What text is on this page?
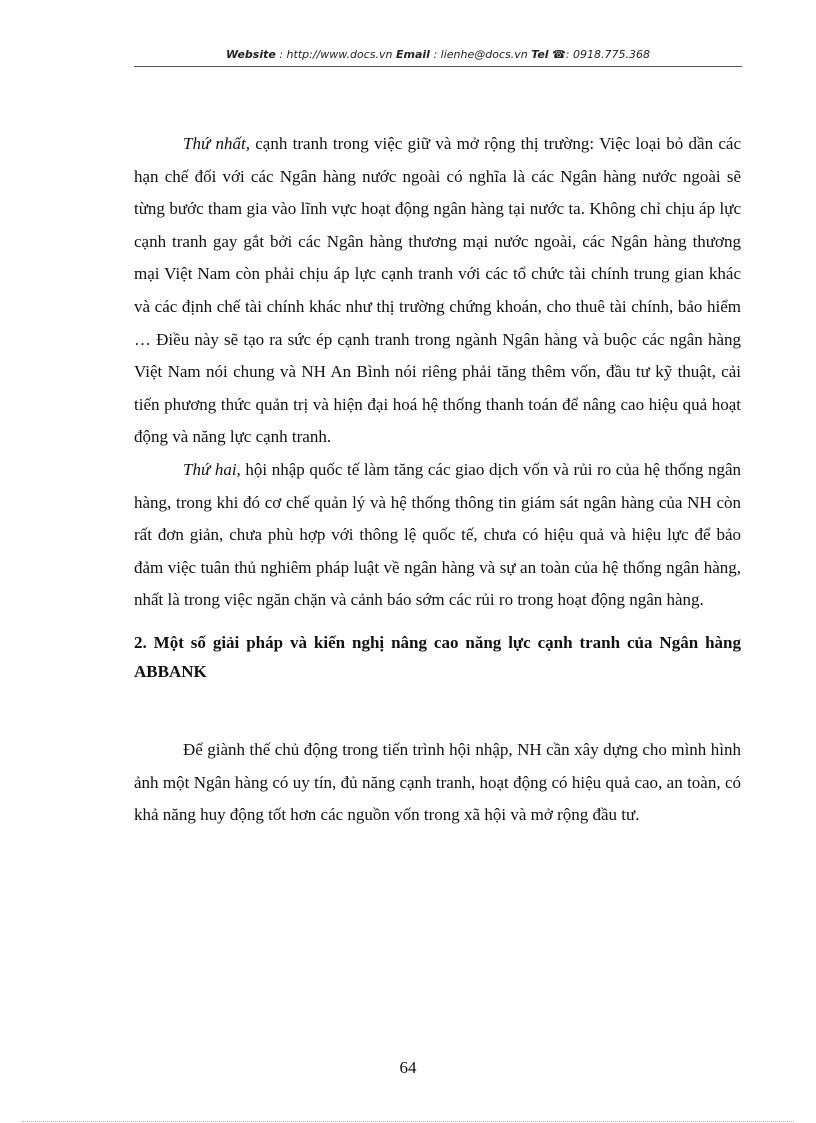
Website : http://www.docs.vn Email : lienhe@docs.vn Tel ☎: 0918.775.368

Thứ nhất, cạnh tranh trong việc giữ và mở rộng thị trường: Việc loại bỏ dần các hạn chế đối với các Ngân hàng nước ngoài có nghĩa là các Ngân hàng nước ngoài sẽ từng bước tham gia vào lĩnh vực hoạt động ngân hàng tại nước ta. Không chỉ chịu áp lực cạnh tranh gay gắt bởi các Ngân hàng thương mại nước ngoài, các Ngân hàng thương mại Việt Nam còn phải chịu áp lực cạnh tranh với các tổ chức tài chính trung gian khác và các định chế tài chính khác như thị trường chứng khoán, cho thuê tài chính, bảo hiểm … Điều này sẽ tạo ra sức ép cạnh tranh trong ngành Ngân hàng và buộc các ngân hàng Việt Nam nói chung và NH An Bình nói riêng phải tăng thêm vốn, đầu tư kỹ thuật, cải tiến phương thức quản trị và hiện đại hoá hệ thống thanh toán để nâng cao hiệu quả hoạt động và năng lực cạnh tranh.

Thứ hai, hội nhập quốc tế làm tăng các giao dịch vốn và rủi ro của hệ thống ngân hàng, trong khi đó cơ chế quản lý và hệ thống thông tin giám sát ngân hàng của NH còn rất đơn giản, chưa phù hợp với thông lệ quốc tế, chưa có hiệu quả và hiệu lực để bảo đảm việc tuân thủ nghiêm pháp luật về ngân hàng và sự an toàn của hệ thống ngân hàng, nhất là trong việc ngăn chặn và cảnh báo sớm các rủi ro trong hoạt động ngân hàng.

2. Một số giải pháp và kiến nghị nâng cao năng lực cạnh tranh của Ngân hàng ABBANK

Để giành thế chủ động trong tiến trình hội nhập, NH cần xây dựng cho mình hình ảnh một Ngân hàng có uy tín, đủ năng cạnh tranh, hoạt động có hiệu quả cao, an toàn, có khả năng huy động tốt hơn các nguồn vốn trong xã hội và mở rộng đầu tư.

64
